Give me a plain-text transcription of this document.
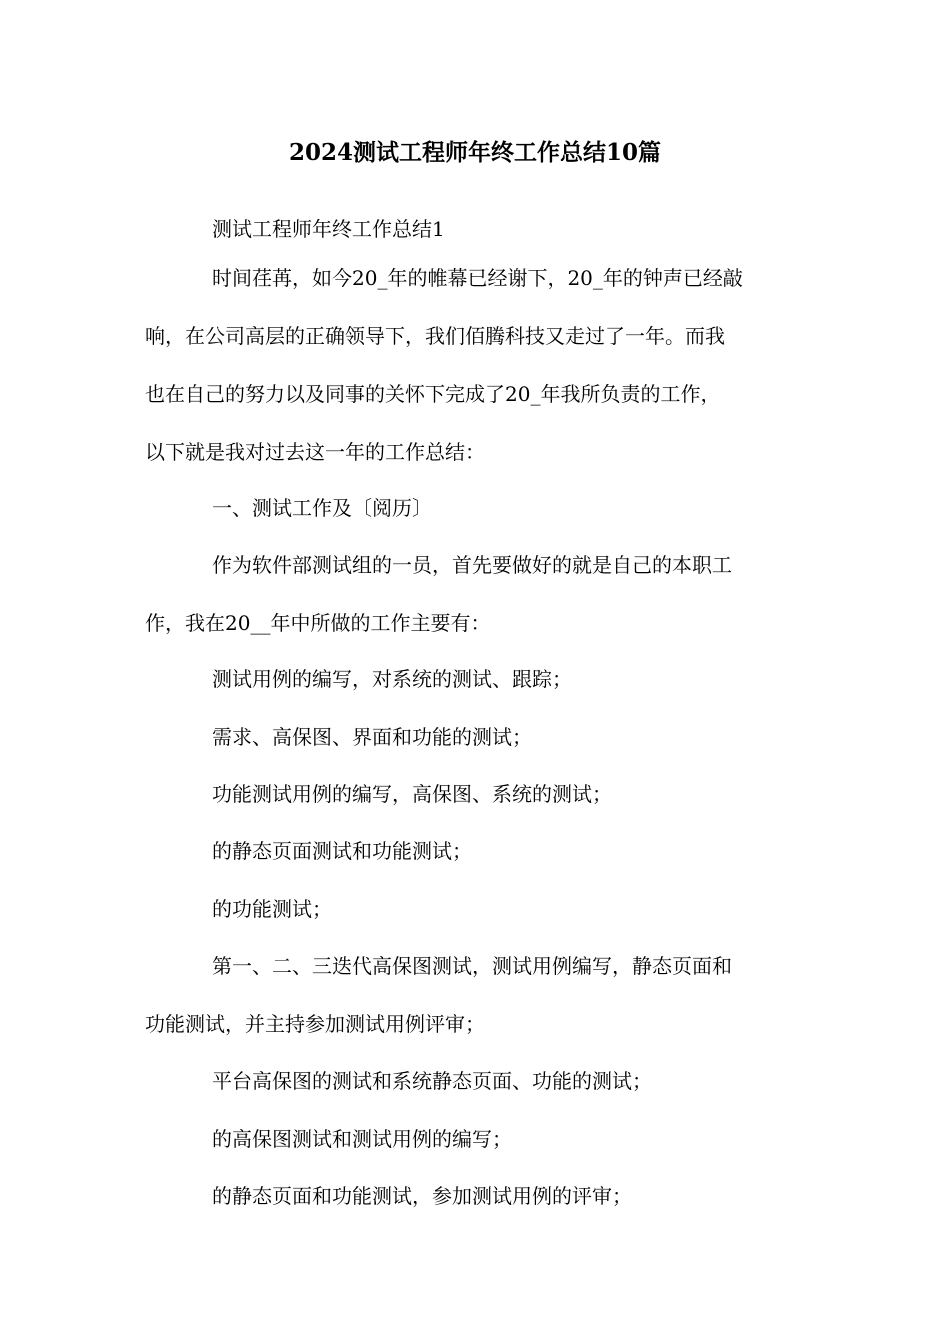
2024测试工程师年终工作总结10篇
测试工程师年终工作总结1
时间荏苒，如今20_年的帷幕已经谢下，20_年的钟声已经敲
响，在公司高层的正确领导下，我们佰腾科技又走过了一年。而我
也在自己的努力以及同事的关怀下完成了20_年我所负责的工作，
以下就是我对过去这一年的工作总结：
一、测试工作及〔阅历〕
作为软件部测试组的一员，首先要做好的就是自己的本职工
作，我在20__年中所做的工作主要有：
测试用例的编写，对系统的测试、跟踪；
需求、高保图、界面和功能的测试；
功能测试用例的编写，高保图、系统的测试；
的静态页面测试和功能测试；
的功能测试；
第一、二、三迭代高保图测试，测试用例编写，静态页面和
功能测试，并主持参加测试用例评审；
平台高保图的测试和系统静态页面、功能的测试；
的高保图测试和测试用例的编写；
的静态页面和功能测试，参加测试用例的评审；
